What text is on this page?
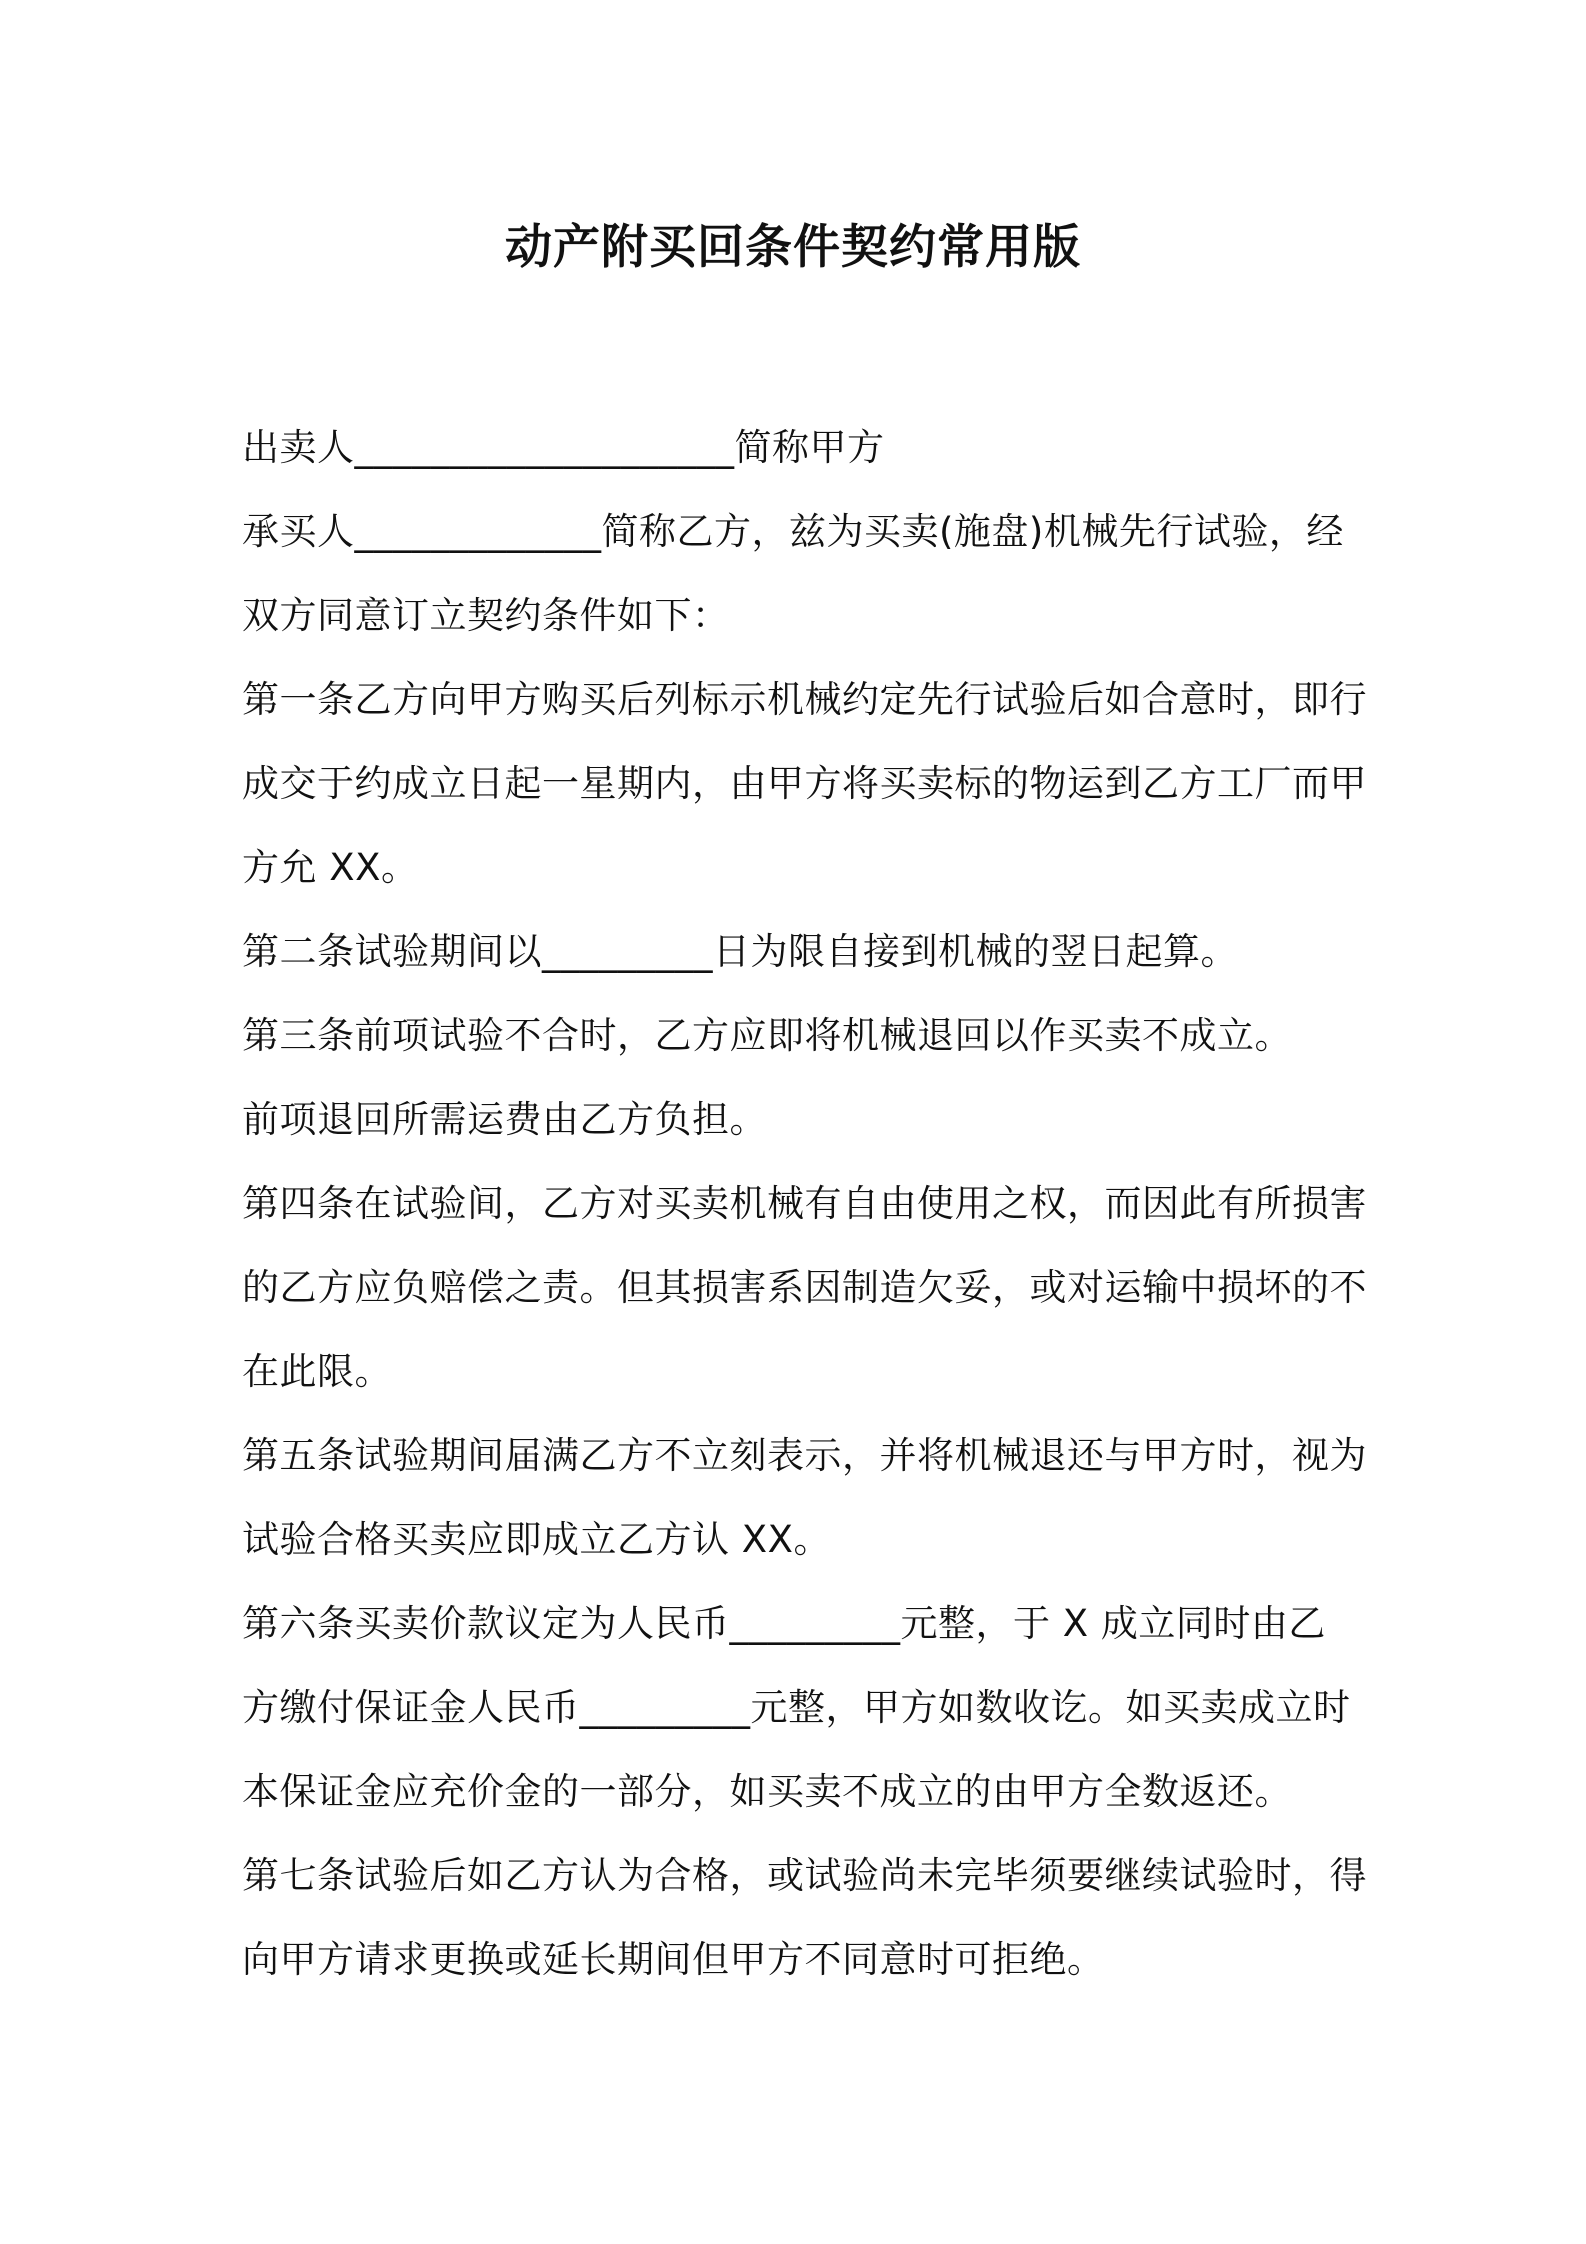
动产附买回条件契约常用版
出卖人____________________简称甲方
承买人_____________简称乙方，兹为买卖(施盘)机械先行试验，经
双方同意订立契约条件如下：
第一条乙方向甲方购买后列标示机械约定先行试验后如合意时，即行
成交于约成立日起一星期内，由甲方将买卖标的物运到乙方工厂而甲
方允 XX。
第二条试验期间以_________日为限自接到机械的翌日起算。
第三条前项试验不合时，乙方应即将机械退回以作买卖不成立。
前项退回所需运费由乙方负担。
第四条在试验间，乙方对买卖机械有自由使用之权，而因此有所损害
的乙方应负赔偿之责。但其损害系因制造欠妥，或对运输中损坏的不
在此限。
第五条试验期间届满乙方不立刻表示，并将机械退还与甲方时，视为
试验合格买卖应即成立乙方认 XX。
第六条买卖价款议定为人民币_________元整，于 X 成立同时由乙
方缴付保证金人民币_________元整，甲方如数收讫。如买卖成立时
本保证金应充价金的一部分，如买卖不成立的由甲方全数返还。
第七条试验后如乙方认为合格，或试验尚未完毕须要继续试验时，得
向甲方请求更换或延长期间但甲方不同意时可拒绝。
